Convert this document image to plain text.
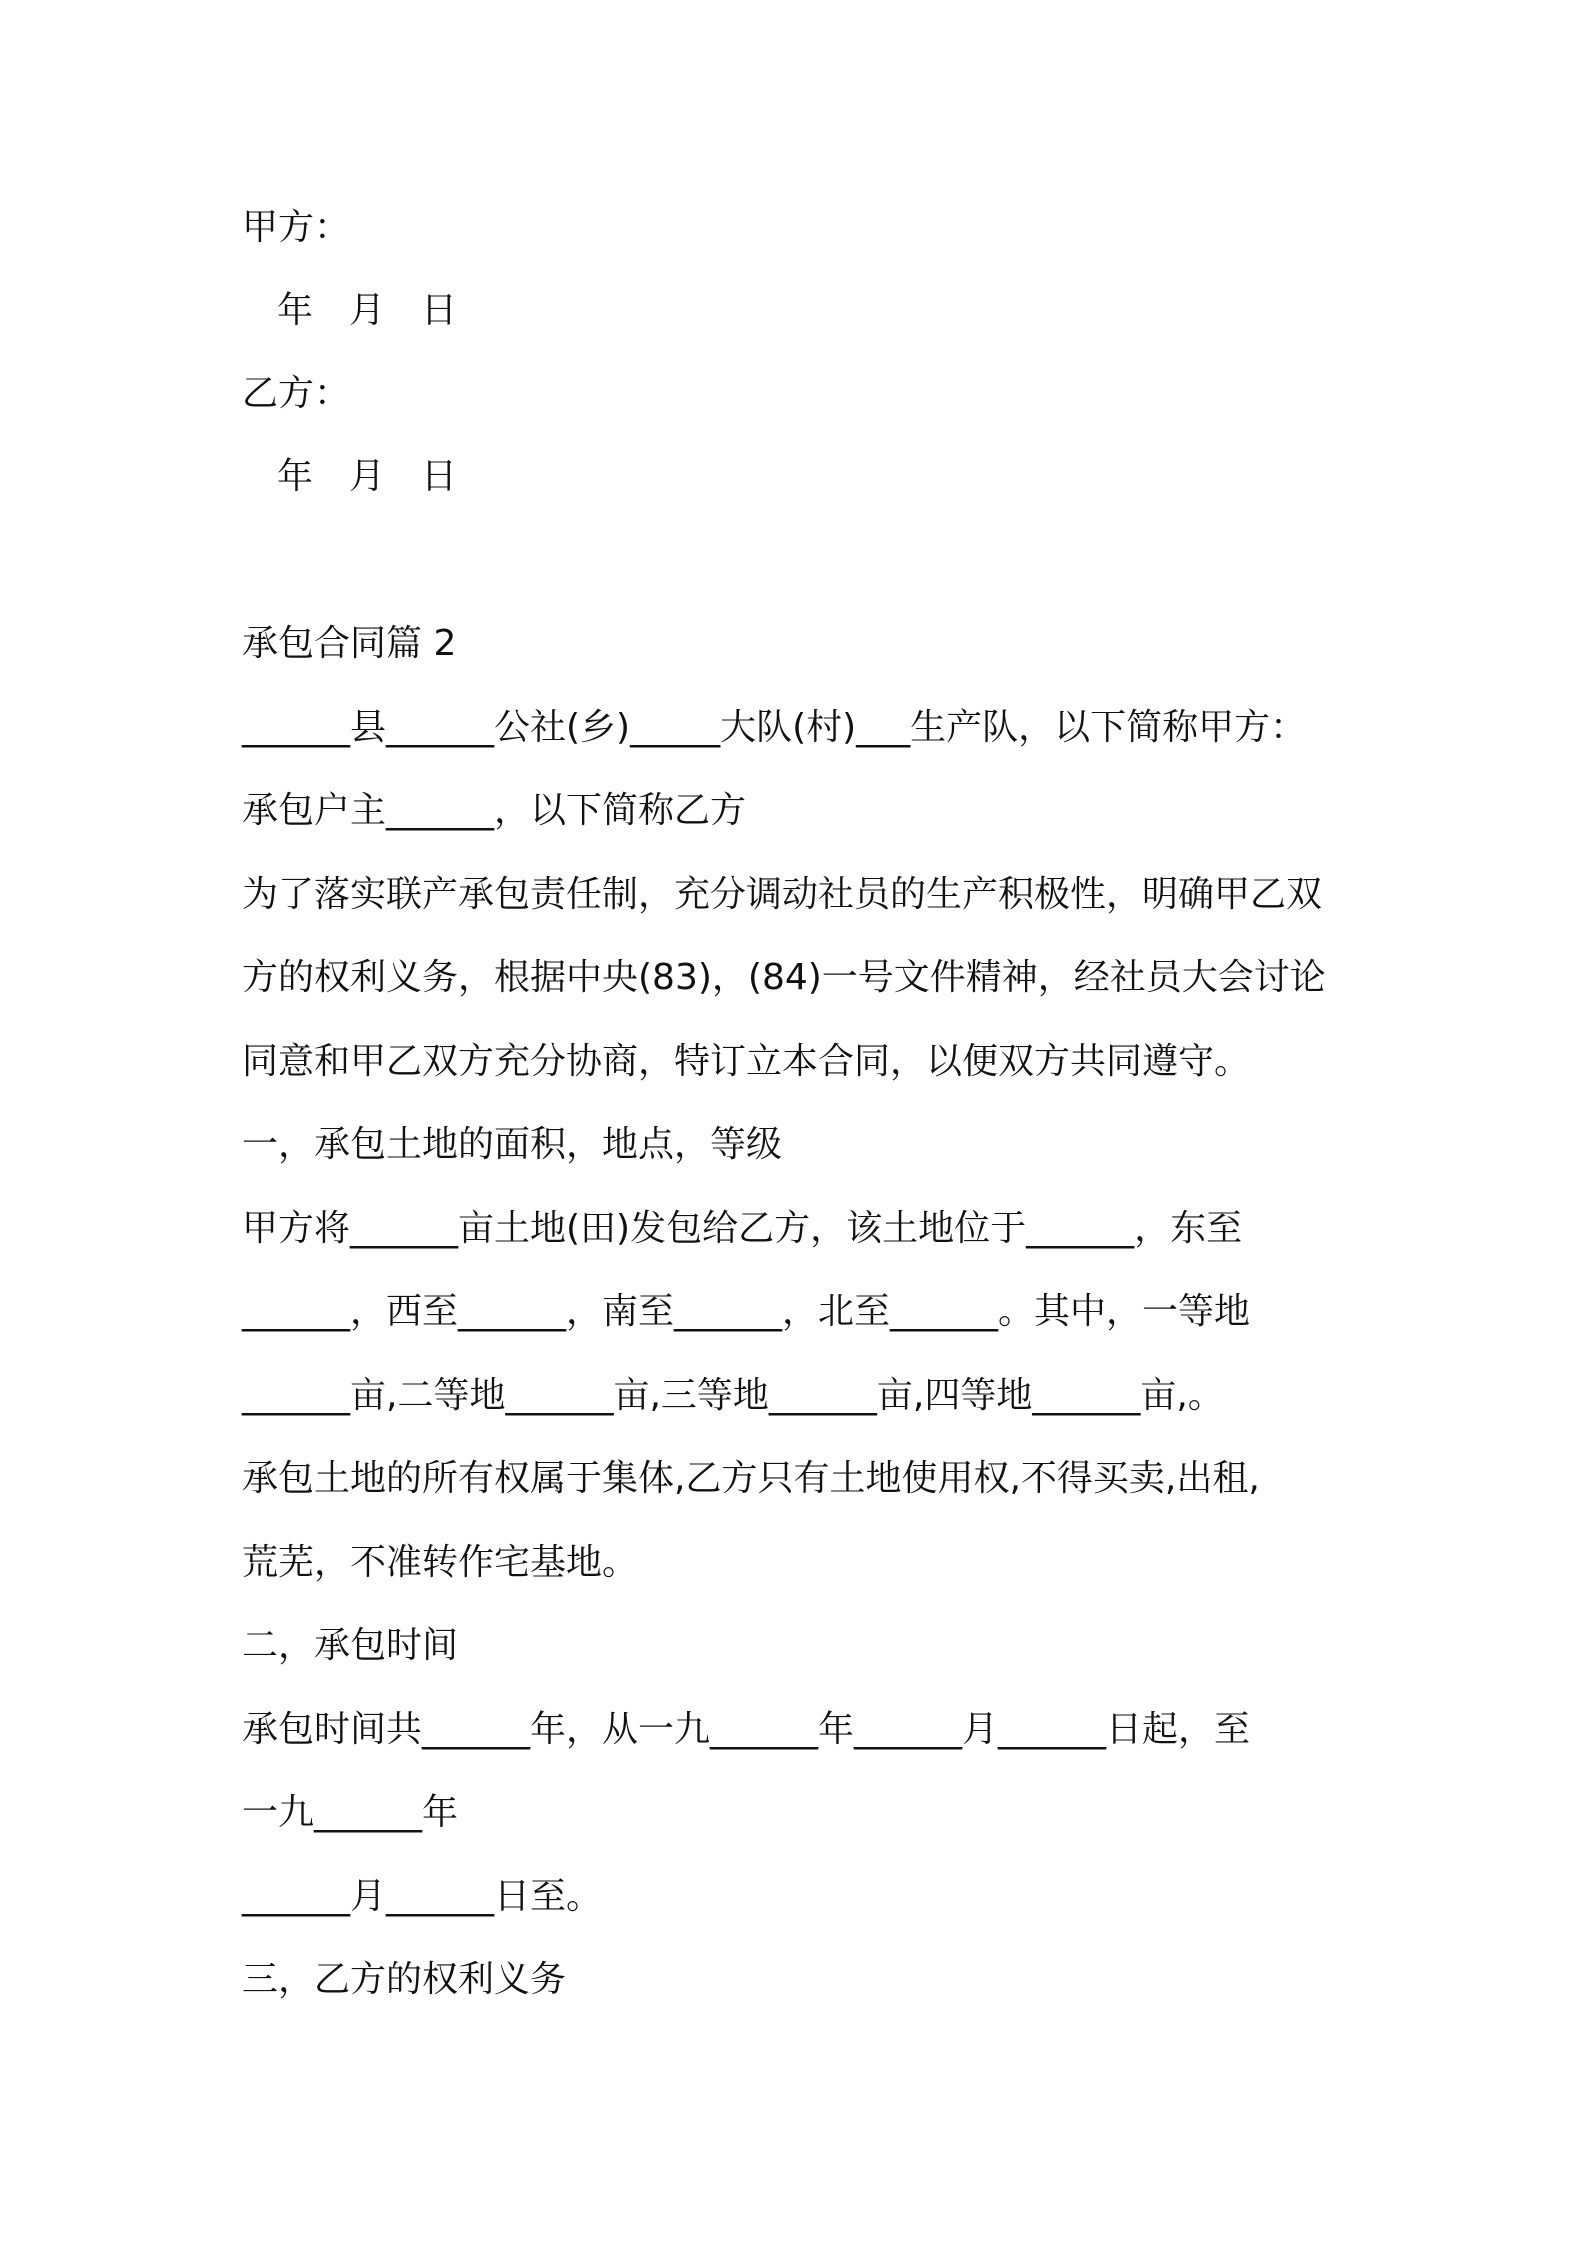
甲方：
年　月　日
乙方：
年　月　日
承包合同篇 2
______县______公社(乡)_____大队(村)___生产队，以下简称甲方：
承包户主______，以下简称乙方
为了落实联产承包责任制，充分调动社员的生产积极性，明确甲乙双
方的权利义务，根据中央(83)，(84)一号文件精神，经社员大会讨论
同意和甲乙双方充分协商，特订立本合同，以便双方共同遵守。
一，承包土地的面积，地点，等级
甲方将______亩土地(田)发包给乙方，该土地位于______，东至
______，西至______，南至______，北至______。其中，一等地
______亩,二等地______亩,三等地______亩,四等地______亩,。
承包土地的所有权属于集体,乙方只有土地使用权,不得买卖,出租,
荒芜，不准转作宅基地。
二，承包时间
承包时间共______年，从一九______年______月______日起，至
一九______年
______月______日至。
三，乙方的权利义务
